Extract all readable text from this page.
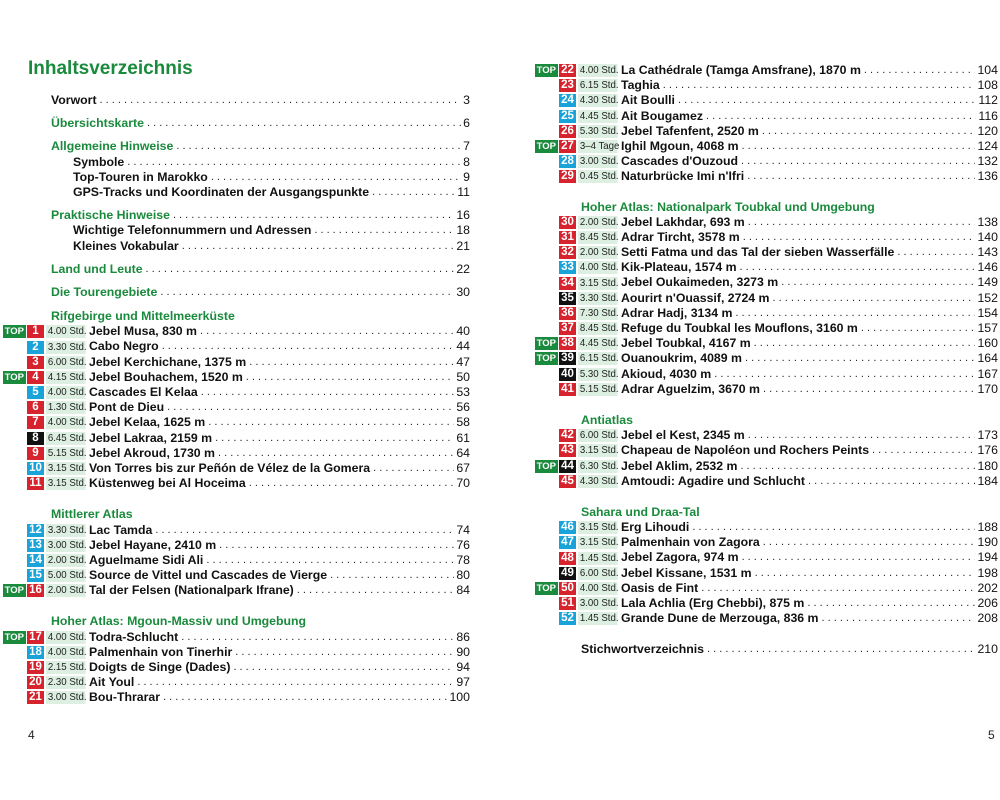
Inhaltsverzeichnis
Vorwort . . .	3
Übersichtskarte . . .	6
Allgemeine Hinweise . . .	7
Symbole . . .	8
Top-Touren in Marokko . . .	9
GPS-Tracks und Koordinaten der Ausgangspunkte . . .	11
Praktische Hinweise . . .	16
Wichtige Telefonnummern und Adressen . . .	18
Kleines Vokabular . . .	21
Land und Leute . . .	22
Die Tourengebiete . . .	30
Rifgebirge und Mittelmeerküste
TOP 1 4.00 Std. Jebel Musa, 830 m . . .	40
2 3.30 Std. Cabo Negro . . .	44
3 6.00 Std. Jebel Kerchichane, 1375 m . . .	47
TOP 4 4.15 Std. Jebel Bouhachem, 1520 m . . .	50
5 4.00 Std. Cascades El Kelaa . . .	53
6 1.30 Std. Pont de Dieu . . .	56
7 4.00 Std. Jebel Kelaa, 1625 m . . .	58
8 6.45 Std. Jebel Lakraa, 2159 m . . .	61
9 5.15 Std. Jebel Akroud, 1730 m . . .	64
10 3.15 Std. Von Torres bis zur Peñón de Vélez de la Gomera . . .	67
11 3.15 Std. Küstenweg bei Al Hoceima . . .	70
Mittlerer Atlas
12 3.30 Std. Lac Tamda . . .	74
13 3.00 Std. Jebel Hayane, 2410 m . . .	76
14 2.00 Std. Aguelmame Sidi Ali . . .	78
15 5.00 Std. Source de Vittel und Cascades de Vierge . . .	80
TOP 16 2.00 Std. Tal der Felsen (Nationalpark Ifrane) . . .	84
Hoher Atlas: Mgoun-Massiv und Umgebung
TOP 17 4.00 Std. Todra-Schlucht . . .	86
18 4.00 Std. Palmenhain von Tinerhir . . .	90
19 2.15 Std. Doigts de Singe (Dades) . . .	94
20 2.30 Std. Ait Youl . . .	97
21 3.00 Std. Bou-Thrarar . . .	100
4
TOP 22 4.00 Std. La Cathédrale (Tamga Amsfrane), 1870 m . . .	104
23 6.15 Std. Taghia . . .	108
24 4.30 Std. Ait Boulli . . .	112
25 4.45 Std. Ait Bougamez . . .	116
26 5.30 Std. Jebel Tafenfent, 2520 m . . .	120
TOP 27 3–4 Tage Ighil Mgoun, 4068 m . . .	124
28 3.00 Std. Cascades d'Ouzoud . . .	132
29 0.45 Std. Naturbrücke Imi n'Ifri . . .	136
Hoher Atlas: Nationalpark Toubkal und Umgebung
30 2.00 Std. Jebel Lakhdar, 693 m . . .	138
31 8.45 Std. Adrar Tircht, 3578 m . . .	140
32 2.00 Std. Setti Fatma und das Tal der sieben Wasserfälle . . .	143
33 4.00 Std. Kik-Plateau, 1574 m . . .	146
34 3.15 Std. Jebel Oukaimeden, 3273 m . . .	149
35 3.30 Std. Aourirt n'Ouassif, 2724 m . . .	152
36 7.30 Std. Adrar Hadj, 3134 m . . .	154
37 8.45 Std. Refuge du Toubkal les Mouflons, 3160 m . . .	157
TOP 38 4.45 Std. Jebel Toubkal, 4167 m . . .	160
TOP 39 6.15 Std. Ouanoukrim, 4089 m . . .	164
40 5.30 Std. Akioud, 4030 m . . .	167
41 5.15 Std. Adrar Aguelzim, 3670 m . . .	170
Antiatlas
42 6.00 Std. Jebel el Kest, 2345 m . . .	173
43 3.15 Std. Chapeau de Napoléon und Rochers Peints . . .	176
TOP 44 6.30 Std. Jebel Aklim, 2532 m . . .	180
45 4.30 Std. Amtoudi: Agadire und Schlucht . . .	184
Sahara und Draa-Tal
46 3.15 Std. Erg Lihoudi . . .	188
47 3.15 Std. Palmenhain von Zagora . . .	190
48 1.45 Std. Jebel Zagora, 974 m . . .	194
49 6.00 Std. Jebel Kissane, 1531 m . . .	198
TOP 50 4.00 Std. Oasis de Fint . . .	202
51 3.00 Std. Lala Achlia (Erg Chebbi), 875 m . . .	206
52 1.45 Std. Grande Dune de Merzouga, 836 m . . .	208
Stichwortverzeichnis . . .	210
5
